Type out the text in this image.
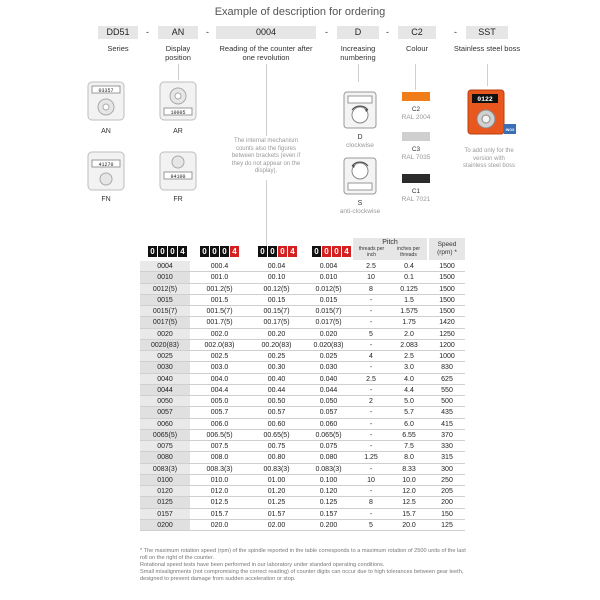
Example of description for ordering
DD51	-	AN	-	0004	-	D	-	C2	-	SST
Series	Display position
Reading of the counter after one revolution
Increasing numbering
Colour	Stainless steel boss
03357
AN
10005
AR
41270
FN
94100
FR
The internal mechanism counts also the figures between brackets (even if they do not appear on the display).
D
clockwise
S
anti-clockwise
C2
RAL 2004
C3
RAL 7035
C1
RAL 7021
0122
INOX
To add only for the version with stainless steel boss
Pitch
threads per inch
inches per threads
Speed (rpm) *
0 0 0 4 0 0 0 4	0 0 0 4 0 0 0 4
0004	000.4	00.04	0.004	2.5	0.4	1500
0010	001.0	00.10	0.010	10	0.1	1500
0012(5)	001.2(5)	00.12(5)	0.012(5)	8	0.125	1500
0015	001.5	00.15	0.015	-	1.5	1500
0015(7)	001.5(7)	00.15(7)	0.015(7)	-	1.575	1500
0017(5)	001.7(5)	00.17(5)	0.017(5)	-	1.75	1420
0020	002.0	00.20	0.020	5	2.0	1250
0020(83)	002.0(83)	00.20(83)	0.020(83)	-	2.083	1200
0025	002.5	00.25	0.025	4	2.5	1000
0030	003.0	00.30	0.030	-	3.0	830
0040	004.0	00.40	0.040	2.5	4.0	625
0044	004.4	00.44	0.044	-	4.4	550
0050	005.0	00.50	0.050	2	5.0	500
0057	005.7	00.57	0.057	-	5.7	435
0060	006.0	00.60	0.060	-	6.0	415
0065(5)	006.5(5)	00.65(5)	0.065(5)	-	6.55	370
0075	007.5	00.75	0.075	-	7.5	330
0080	008.0	00.80	0.080	1.25	8.0	315
0083(3)	008.3(3)	00.83(3)	0.083(3)	-	8.33	300
0100	010.0	01.00	0.100	10	10.0	250
0120	012.0	01.20	0.120	-	12.0	205
0125	012.5	01.25	0.125	8	12.5	200
0157	015.7	01.57	0.157	-	15.7	150
0200	020.0	02.00	0.200	5	20.0	125
* The maximum rotation speed (rpm) of the spindle reported in the table corresponds to a maximum rotation of 2500 units of the last roll on the right of the counter.
Rotational speed tests have been performed in our laboratory under standard operating conditions.
Small misalignments (not compromising the correct reading) of counter digits can occur due to high tolerances between gear teeth, designed to prevent damage from sudden acceleration or stop.
